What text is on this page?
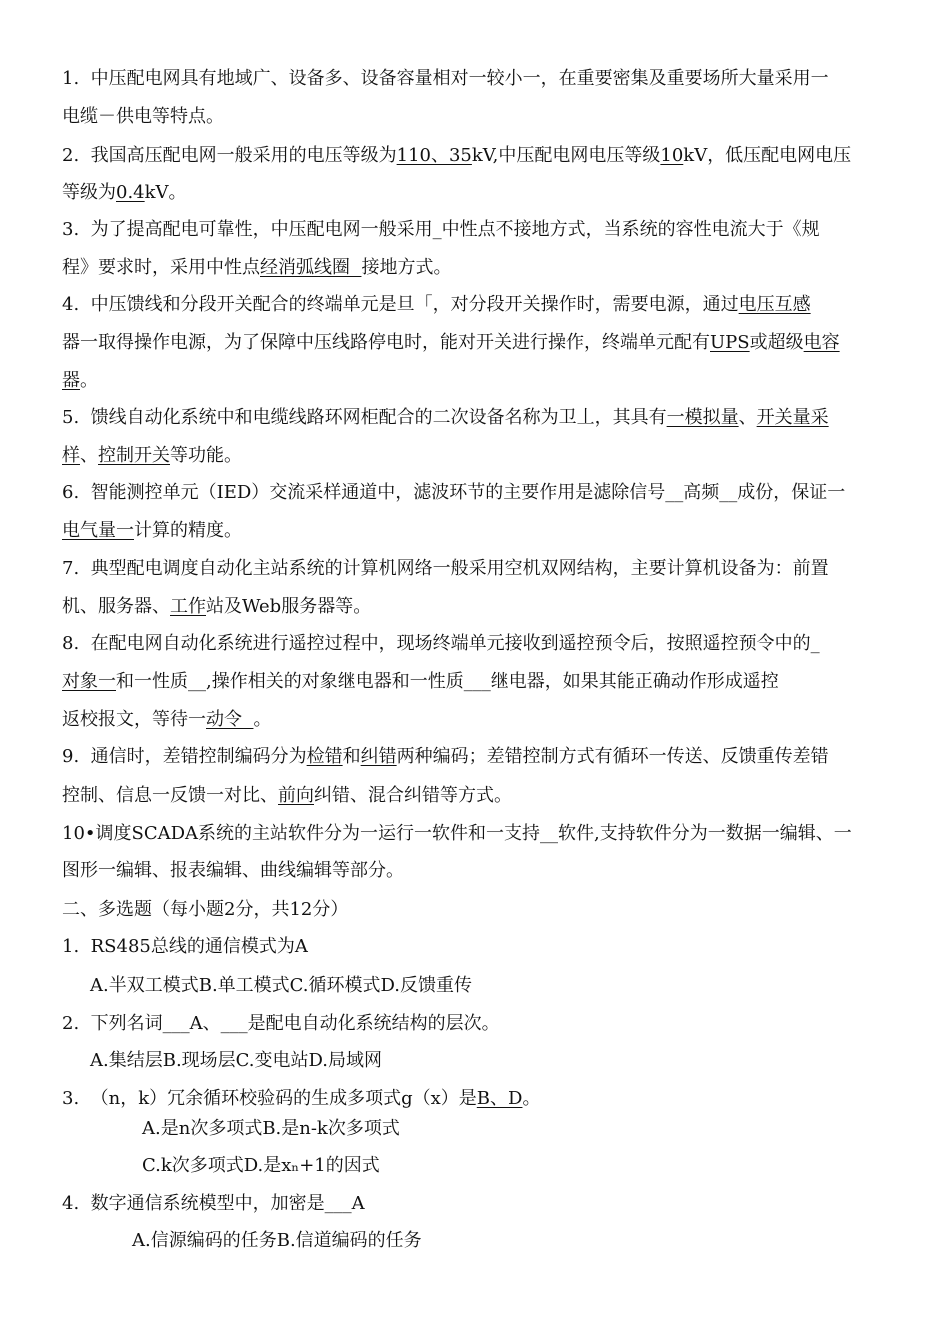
1.  中压配电网具有地域广、设备多、设备容量相对一较小一，在重要密集及重要场所大量采用一
电缆－供电等特点。
2.  我国高压配电网一般采用的电压等级为110、35kV,中压配电网电压等级10kV，低压配电网电压
等级为0.4kV。
3.  为了提高配电可靠性，中压配电网一般采用_中性点不接地方式，当系统的容性电流大于《规
程》要求时，采用中性点经消弧线圈  接地方式。
4.  中压馈线和分段开关配合的终端单元是旦「，对分段开关操作时，需要电源，通过电压互感
器一取得操作电源，为了保障中压线路停电时，能对开关进行操作，终端单元配有UPS或超级电容
器。
5.  馈线自动化系统中和电缆线路环网柜配合的二次设备名称为卫丄，其具有一模拟量、开关量采
样、控制开关等功能。
6.  智能测控单元（IED）交流采样通道中，滤波环节的主要作用是滤除信号__高频__成份，保证一
电气量一计算的精度。
7.  典型配电调度自动化主站系统的计算机网络一般采用空机双网结构，主要计算机设备为：前置
机、服务器、工作站及Web服务器等。
8.  在配电网自动化系统进行遥控过程中，现场终端单元接收到遥控预令后，按照遥控预令中的_
对象一和一性质__,操作相关的对象继电器和一性质___继电器，如果其能正确动作形成遥控
返校报文，等待一动令  。
9.  通信时，差错控制编码分为检错和纠错两种编码；差错控制方式有循环一传送、反馈重传差错
控制、信息一反馈一对比、前向纠错、混合纠错等方式。
10•调度SCADA系统的主站软件分为一运行一软件和一支持__软件,支持软件分为一数据一编辑、一
图形一编辑、报表编辑、曲线编辑等部分。
二、多选题（每小题2分，共12分）
1.  RS485总线的通信模式为A
A.半双工模式B.单工模式C.循环模式D.反馈重传
2.  下列名词___A、___是配电自动化系统结构的层次。
A.集结层B.现场层C.变电站D.局域网
3.  （n，k）冗余循环校验码的生成多项式g（x）是B、D。
A.是n次多项式B.是n-k次多项式
C.k次多项式D.是xₙ+1的因式
4.  数字通信系统模型中，加密是___A
A.信源编码的任务B.信道编码的任务
